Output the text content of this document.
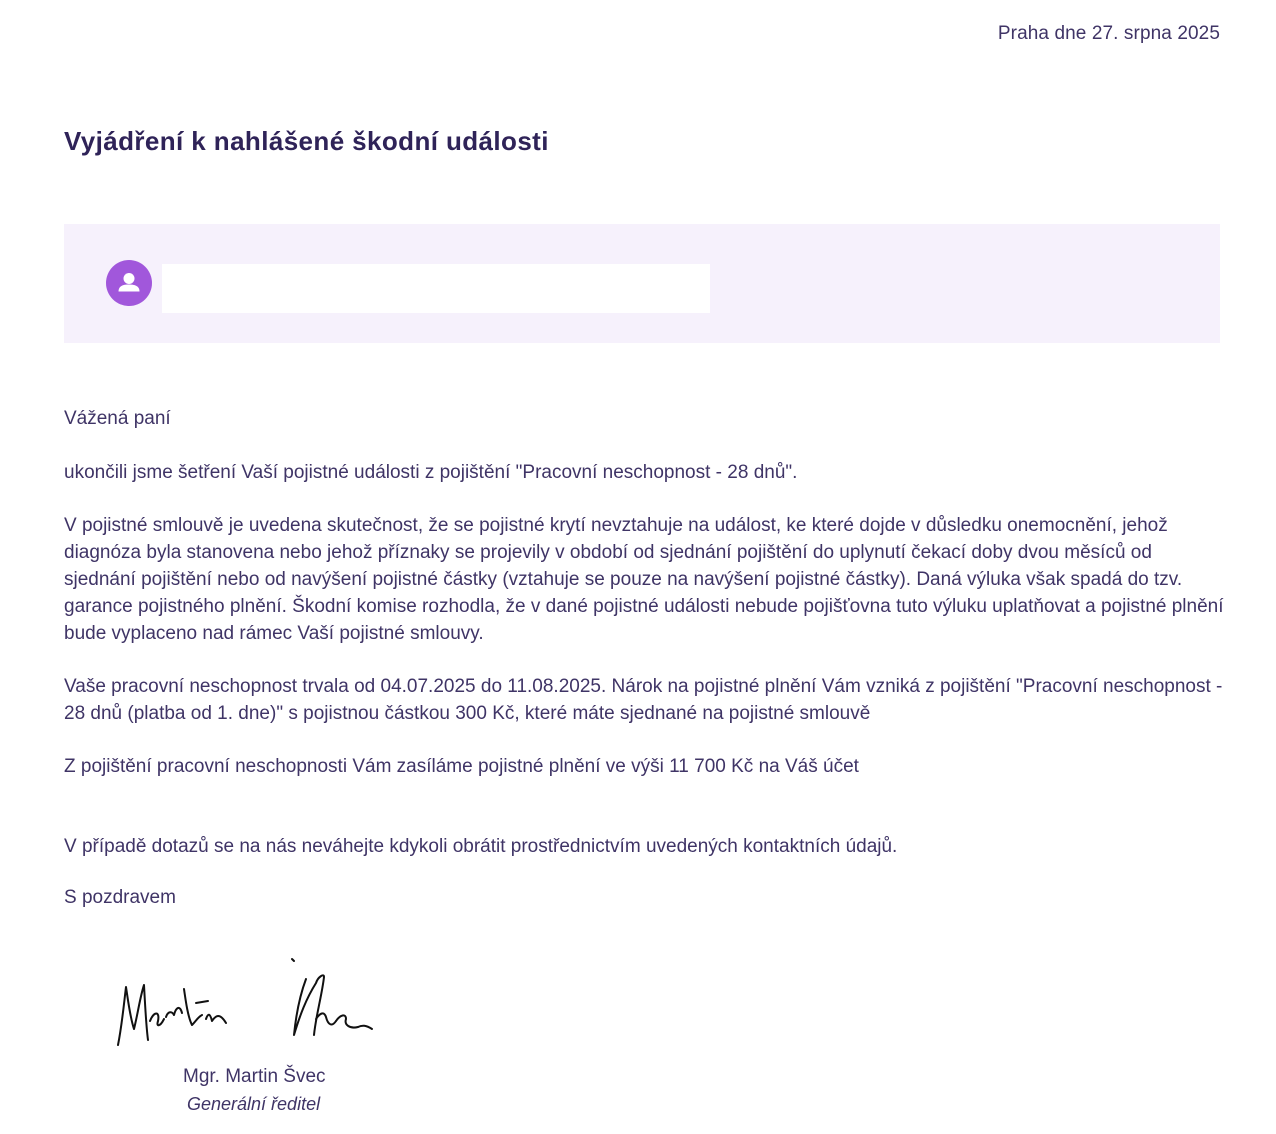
Praha dne 27. srpna 2025
Vyjádření k nahlášené škodní události

Vážená paní

ukončili jsme šetření Vaší pojistné události z pojištění "Pracovní neschopnost - 28 dnů".

V pojistné smlouvě je uvedena skutečnost, že se pojistné krytí nevztahuje na událost, ke které dojde v důsledku onemocnění, jehož diagnóza byla stanovena nebo jehož příznaky se projevily v období od sjednání pojištění do uplynutí čekací doby dvou měsíců od sjednání pojištění nebo od navýšení pojistné částky (vztahuje se pouze na navýšení pojistné částky). Daná výluka však spadá do tzv. garance pojistného plnění. Škodní komise rozhodla, že v dané pojistné události nebude pojišťovna tuto výluku uplatňovat a pojistné plnění bude vyplaceno nad rámec Vaší pojistné smlouvy.

Vaše pracovní neschopnost trvala od 04.07.2025 do 11.08.2025. Nárok na pojistné plnění Vám vzniká z pojištění "Pracovní neschopnost - 28 dnů (platba od 1. dne)" s pojistnou částkou 300 Kč, které máte sjednané na pojistné smlouvě

Z pojištění pracovní neschopnosti Vám zasíláme pojistné plnění ve výši 11 700 Kč na Váš účet

V případě dotazů se na nás neváhejte kdykoli obrátit prostřednictvím uvedených kontaktních údajů.

S pozdravem

Mgr. Martin Švec
Generální ředitel
